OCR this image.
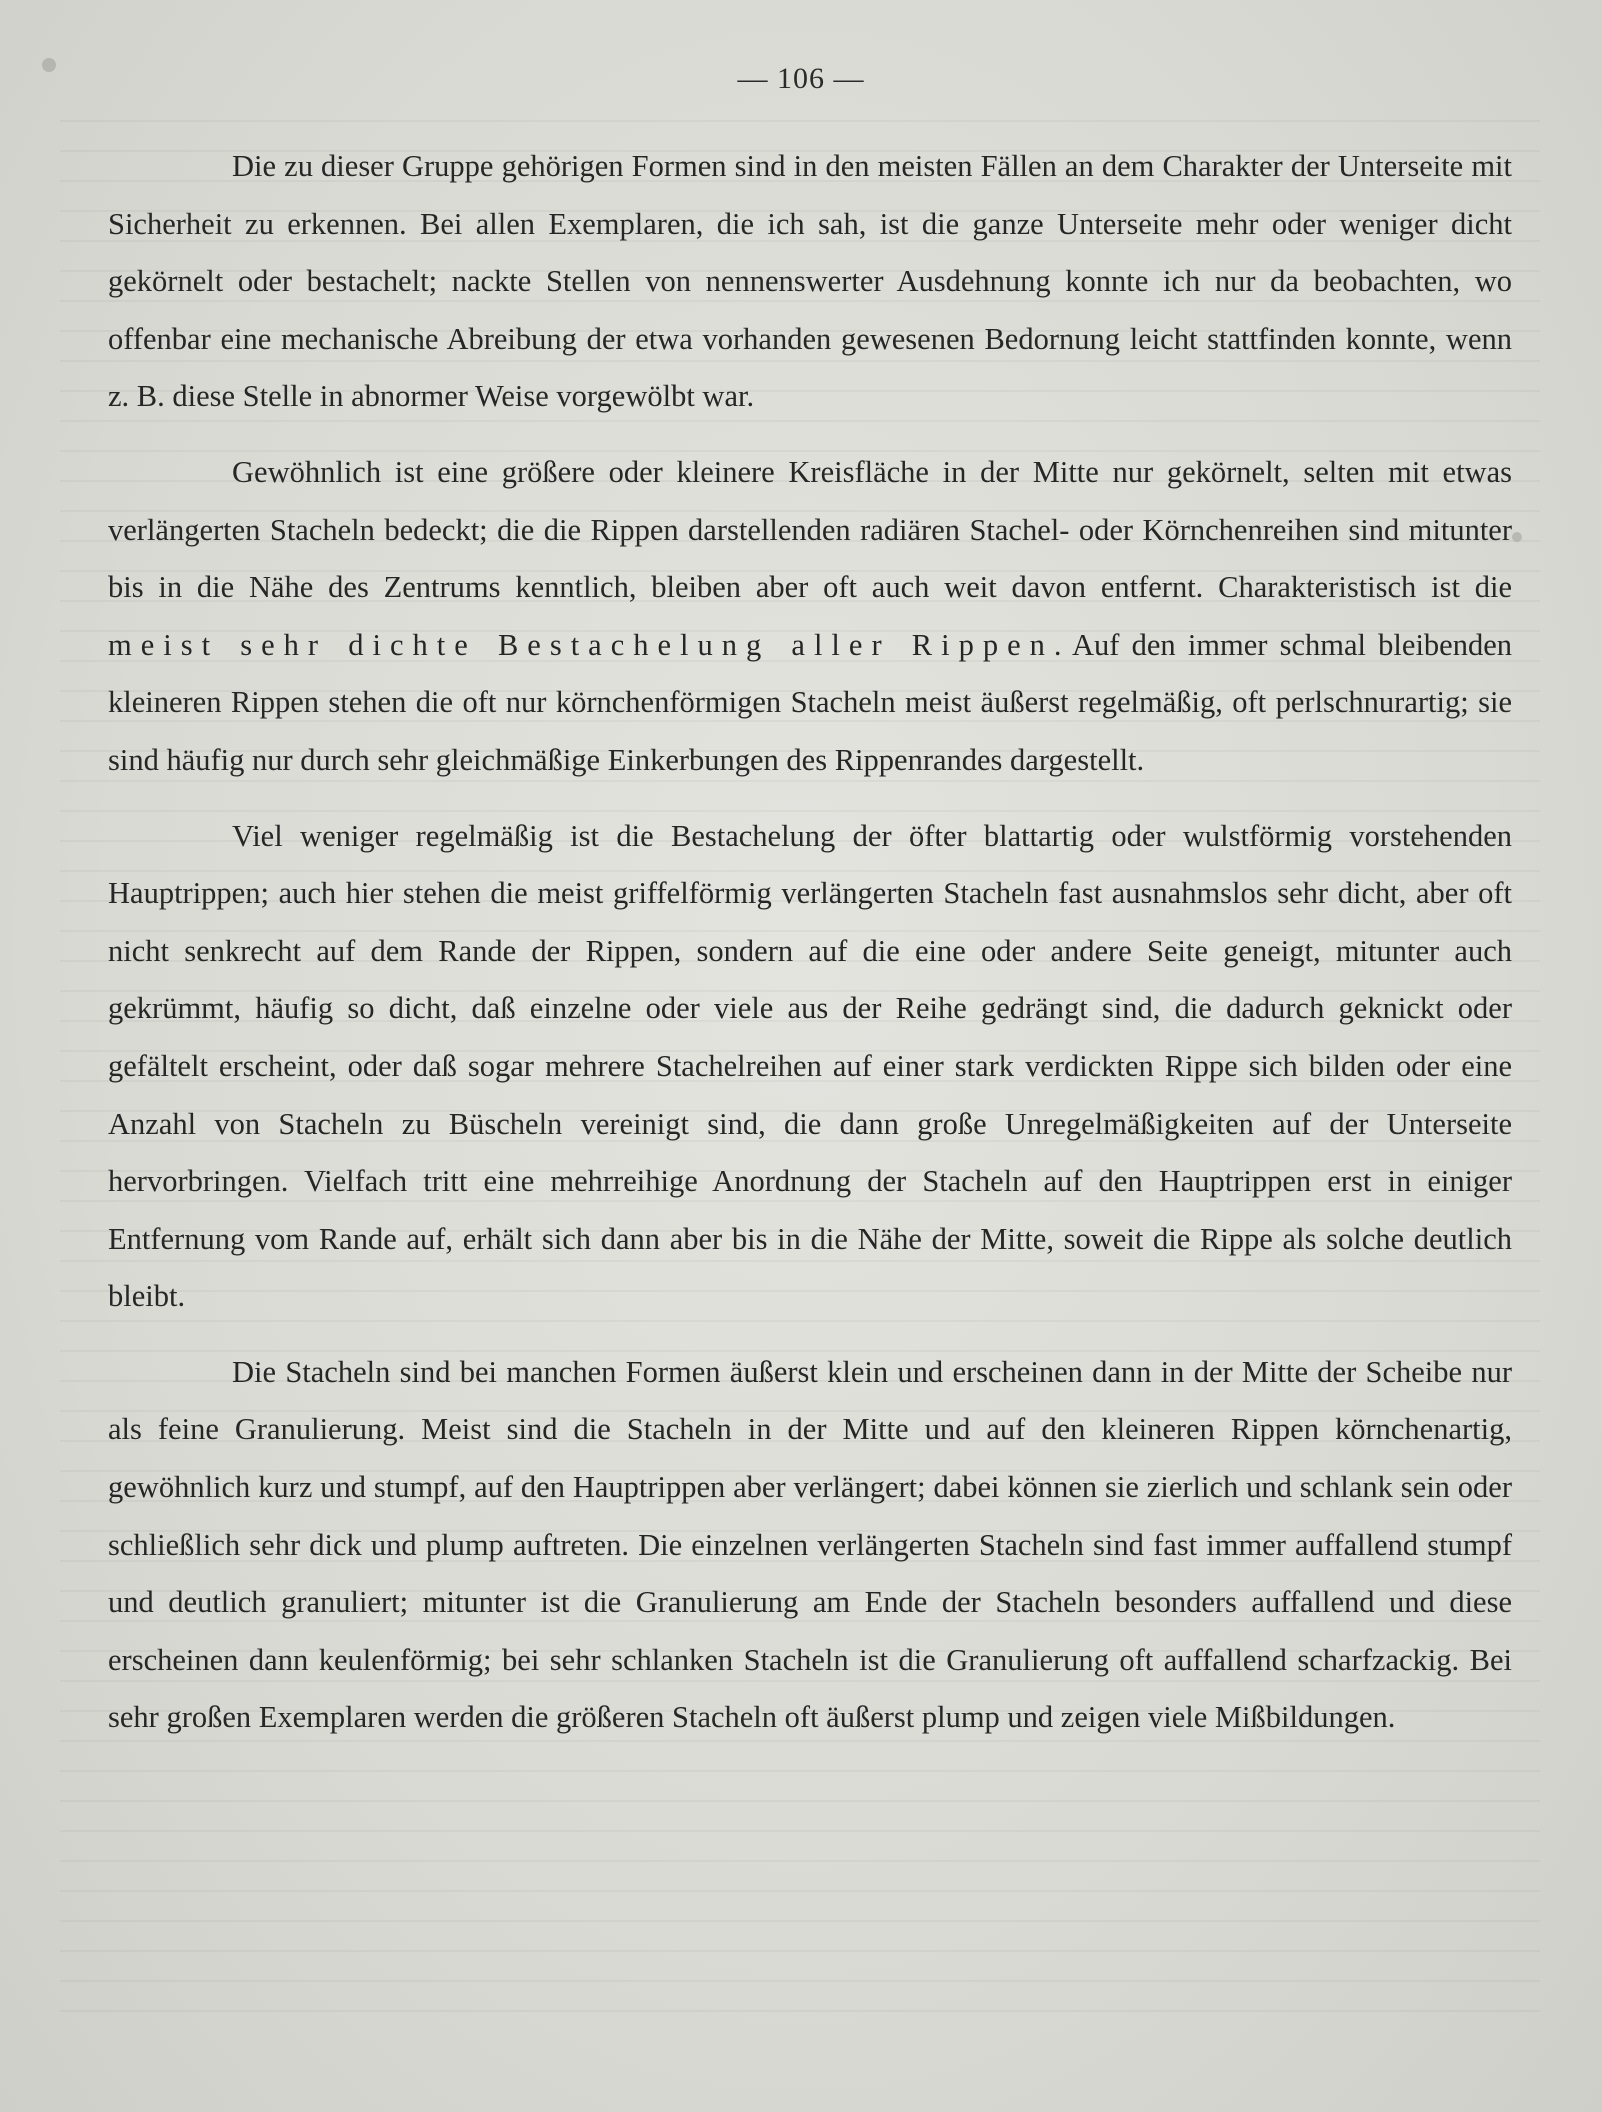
— 106 —

Die zu dieser Gruppe gehörigen Formen sind in den meisten Fällen an dem Charakter der Unterseite mit Sicherheit zu erkennen. Bei allen Exemplaren, die ich sah, ist die ganze Unterseite mehr oder weniger dicht gekörnelt oder bestachelt; nackte Stellen von nennenswerter Ausdehnung konnte ich nur da beobachten, wo offenbar eine mechanische Abreibung der etwa vorhanden gewesenen Bedornung leicht stattfinden konnte, wenn z. B. diese Stelle in abnormer Weise vorgewölbt war.

Gewöhnlich ist eine größere oder kleinere Kreisfläche in der Mitte nur gekörnelt, selten mit etwas verlängerten Stacheln bedeckt; die die Rippen darstellenden radiären Stachel- oder Körnchenreihen sind mitunter bis in die Nähe des Zentrums kenntlich, bleiben aber oft auch weit davon entfernt. Charakteristisch ist die meist sehr dichte Bestachelung aller Rippen. Auf den immer schmal bleibenden kleineren Rippen stehen die oft nur körnchenförmigen Stacheln meist äußerst regelmäßig, oft perlschnurartig; sie sind häufig nur durch sehr gleichmäßige Einkerbungen des Rippenrandes dargestellt.

Viel weniger regelmäßig ist die Bestachelung der öfter blattartig oder wulstförmig vorstehenden Hauptrippen; auch hier stehen die meist griffelförmig verlängerten Stacheln fast ausnahmslos sehr dicht, aber oft nicht senkrecht auf dem Rande der Rippen, sondern auf die eine oder andere Seite geneigt, mitunter auch gekrümmt, häufig so dicht, daß einzelne oder viele aus der Reihe gedrängt sind, die dadurch geknickt oder gefältelt erscheint, oder daß sogar mehrere Stachelreihen auf einer stark verdickten Rippe sich bilden oder eine Anzahl von Stacheln zu Büscheln vereinigt sind, die dann große Unregelmäßigkeiten auf der Unterseite hervorbringen. Vielfach tritt eine mehrreihige Anordnung der Stacheln auf den Hauptrippen erst in einiger Entfernung vom Rande auf, erhält sich dann aber bis in die Nähe der Mitte, soweit die Rippe als solche deutlich bleibt.

Die Stacheln sind bei manchen Formen äußerst klein und erscheinen dann in der Mitte der Scheibe nur als feine Granulierung. Meist sind die Stacheln in der Mitte und auf den kleineren Rippen körnchenartig, gewöhnlich kurz und stumpf, auf den Hauptrippen aber verlängert; dabei können sie zierlich und schlank sein oder schließlich sehr dick und plump auftreten. Die einzelnen verlängerten Stacheln sind fast immer auffallend stumpf und deutlich granuliert; mitunter ist die Granulierung am Ende der Stacheln besonders auffallend und diese erscheinen dann keulenförmig; bei sehr schlanken Stacheln ist die Granulierung oft auffallend scharfzackig. Bei sehr großen Exemplaren werden die größeren Stacheln oft äußerst plump und zeigen viele Mißbildungen.
